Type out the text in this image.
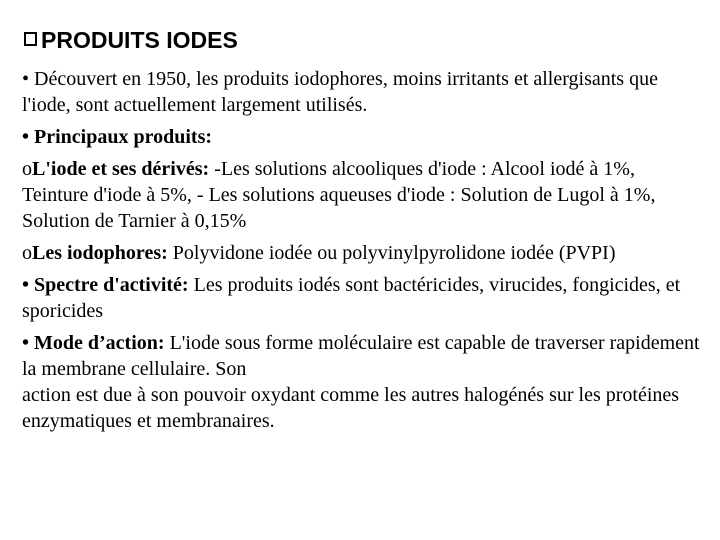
PRODUITS IODES

• Découvert en 1950, les produits iodophores, moins irritants et allergisants que l'iode, sont actuellement largement utilisés.

• Principaux produits:

oL'iode et ses dérivés: -Les solutions alcooliques d'iode : Alcool iodé à 1%, Teinture d'iode à 5%, - Les solutions aqueuses d'iode : Solution de Lugol à 1%, Solution de Tarnier à 0,15%

oLes iodophores: Polyvidone iodée ou polyvinylpyrolidone iodée (PVPI)

• Spectre d'activité: Les produits iodés sont bactéricides, virucides, fongicides, et sporicides

• Mode d’action: L'iode sous forme moléculaire est capable de traverser rapidement la membrane cellulaire. Son

action est due à son pouvoir oxydant comme les autres halogénés sur les protéines enzymatiques et membranaires.
